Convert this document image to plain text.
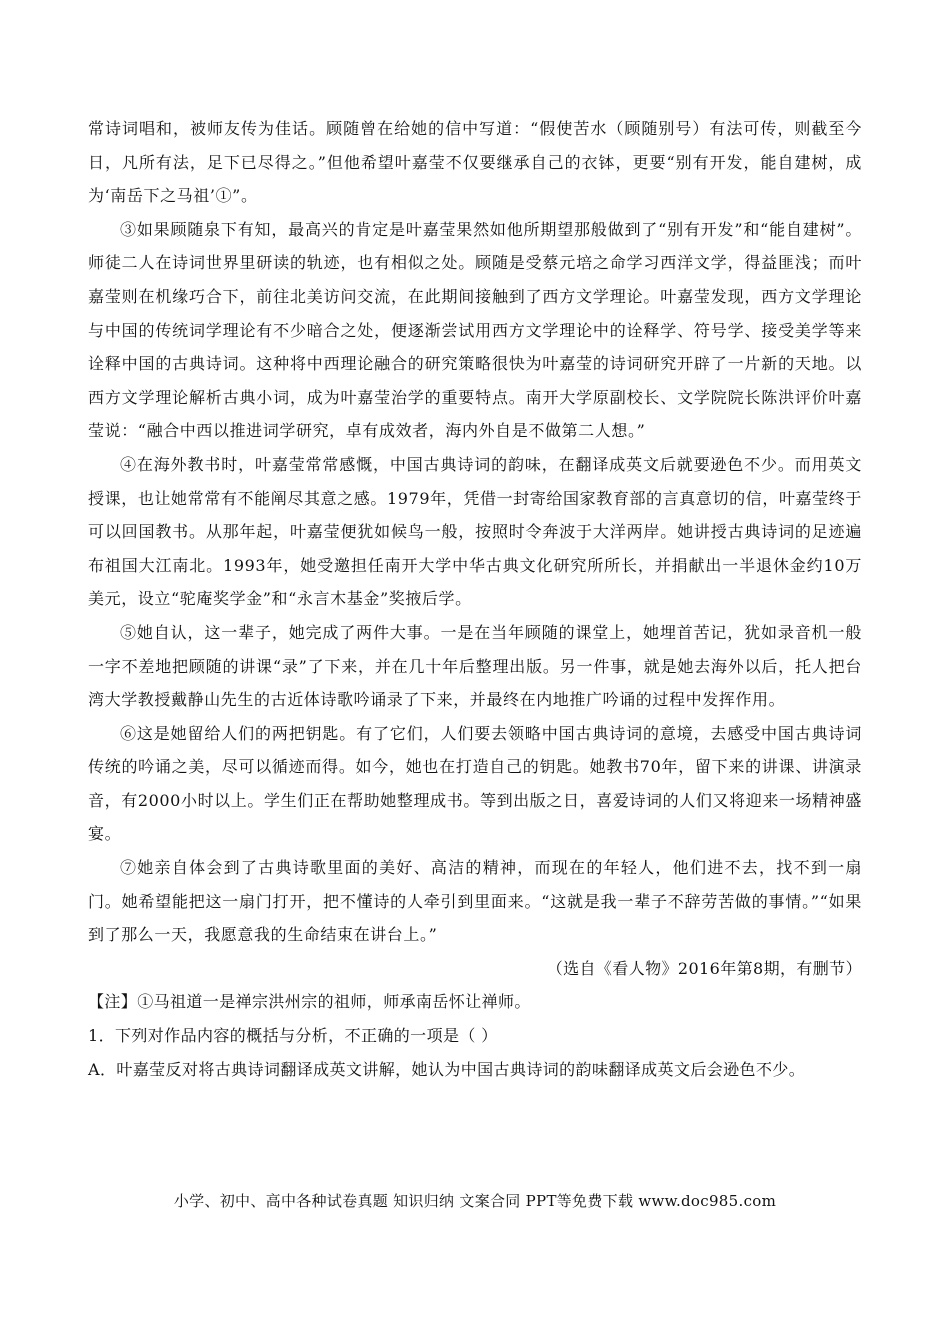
常诗词唱和，被师友传为佳话。顾随曾在给她的信中写道：“假使苦水（顾随别号）有法可传，则截至今日，凡所有法，足下已尽得之。”但他希望叶嘉莹不仅要继承自己的衣钵，更要“别有开发，能自建树，成为‘南岳下之马祖’①”。

③如果顾随泉下有知，最高兴的肯定是叶嘉莹果然如他所期望那般做到了“别有开发”和“能自建树”。师徒二人在诗词世界里研读的轨迹，也有相似之处。顾随是受蔡元培之命学习西洋文学，得益匪浅；而叶嘉莹则在机缘巧合下，前往北美访问交流，在此期间接触到了西方文学理论。叶嘉莹发现，西方文学理论与中国的传统词学理论有不少暗合之处，便逐渐尝试用西方文学理论中的诠释学、符号学、接受美学等来诠释中国的古典诗词。这种将中西理论融合的研究策略很快为叶嘉莹的诗词研究开辟了一片新的天地。以西方文学理论解析古典小词，成为叶嘉莹治学的重要特点。南开大学原副校长、文学院院长陈洪评价叶嘉莹说：“融合中西以推进词学研究，卓有成效者，海内外自是不做第二人想。”

④在海外教书时，叶嘉莹常常感慨，中国古典诗词的韵味，在翻译成英文后就要逊色不少。而用英文授课，也让她常常有不能阐尽其意之感。1979年，凭借一封寄给国家教育部的言真意切的信，叶嘉莹终于可以回国教书。从那年起，叶嘉莹便犹如候鸟一般，按照时令奔波于大洋两岸。她讲授古典诗词的足迹遍布祖国大江南北。1993年，她受邀担任南开大学中华古典文化研究所所长，并捐献出一半退休金约10万美元，设立“驼庵奖学金”和“永言木基金”奖掖后学。

⑤她自认，这一辈子，她完成了两件大事。一是在当年顾随的课堂上，她埋首苦记，犹如录音机一般一字不差地把顾随的讲课“录”了下来，并在几十年后整理出版。另一件事，就是她去海外以后，托人把台湾大学教授戴静山先生的古近体诗歌吟诵录了下来，并最终在内地推广吟诵的过程中发挥作用。

⑥这是她留给人们的两把钥匙。有了它们，人们要去领略中国古典诗词的意境，去感受中国古典诗词传统的吟诵之美，尽可以循迹而得。如今，她也在打造自己的钥匙。她教书70年，留下来的讲课、讲演录音，有2000小时以上。学生们正在帮助她整理成书。等到出版之日，喜爱诗词的人们又将迎来一场精神盛宴。

⑦她亲自体会到了古典诗歌里面的美好、高洁的精神，而现在的年轻人，他们进不去，找不到一扇门。她希望能把这一扇门打开，把不懂诗的人牵引到里面来。“这就是我一辈子不辞劳苦做的事情。”“如果到了那么一天，我愿意我的生命结束在讲台上。”

（选自《看人物》2016年第8期，有删节）

【注】①马祖道一是禅宗洪州宗的祖师，师承南岳怀让禅师。

1．下列对作品内容的概括与分析，不正确的一项是（ ）

A．叶嘉莹反对将古典诗词翻译成英文讲解，她认为中国古典诗词的韵味翻译成英文后会逊色不少。

小学、初中、高中各种试卷真题 知识归纳 文案合同 PPT等免费下载 www.doc985.com
